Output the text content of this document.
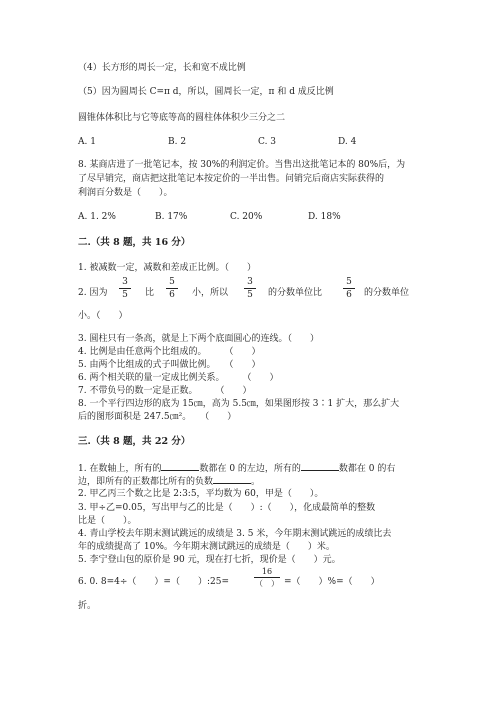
（4）长方形的周长一定，长和宽不成比例
（5）因为圆周长 C=π d，所以，圆周长一定，π 和 d 成反比例
圆锥体体积比与它等底等高的圆柱体体积少三分之二
A. 1	B. 2	C. 3	D. 4
8. 某商店进了一批笔记本，按 30%的利润定价。当售出这批笔记本的 80%后，为
了尽早销完，商店把这批笔记本按定价的一半出售。问销完后商店实际获得的
利润百分数是（　　）。
A. 1. 2%	B. 17%	C. 20%	D. 18%
二.（共 8 题，共 16 分）
1. 被减数一定，减数和差成正比例。（　　）
2. 因为
3
5	比
5
6	小，所以
3
5	的分数单位比
5
6	的分数单位
小。（　　）
3. 圆柱只有一条高，就是上下两个底面圆心的连线。（　　）
4. 比例是由任意两个比组成的。　　　（　　）
5. 由两个比组成的式子叫做比例。　　（　　）
6. 两个相关联的量一定成比例关系。　　　（　　）
7. 不带负号的数一定是正数。　　　（　　）
8. 一个平行四边形的底为 15㎝，高为 5.5㎝，如果图形按 3∶1 扩大，那么扩大
后的图形面积是 247.5㎝²。　　（　　）
三.（共 8 题，共 22 分）
1. 在数轴上，所有的	数都在 0 的左边，所有的	数都在 0 的右
边，即所有的正数都比所有的负数	。
2. 甲乙丙三个数之比是 2:3:5，平均数为 60，甲是（　　）。
3. 甲÷乙=0.05，写出甲与乙的比是（　　）:（　　），化成最简单的整数
比是（　　）。
4. 青山学校去年期末测试跳远的成绩是 3. 5 米，今年期末测试跳远的成绩比去
年的成绩提高了 10%。今年期末测试跳远的成绩是（　　）米。
5. 李宁登山包的原价是 90 元，现在打七折，现价是（　　）元。
6. 0. 8=4÷（　　）=（　　）:25=
16
（　） =（　　）%=（　　）
折。
